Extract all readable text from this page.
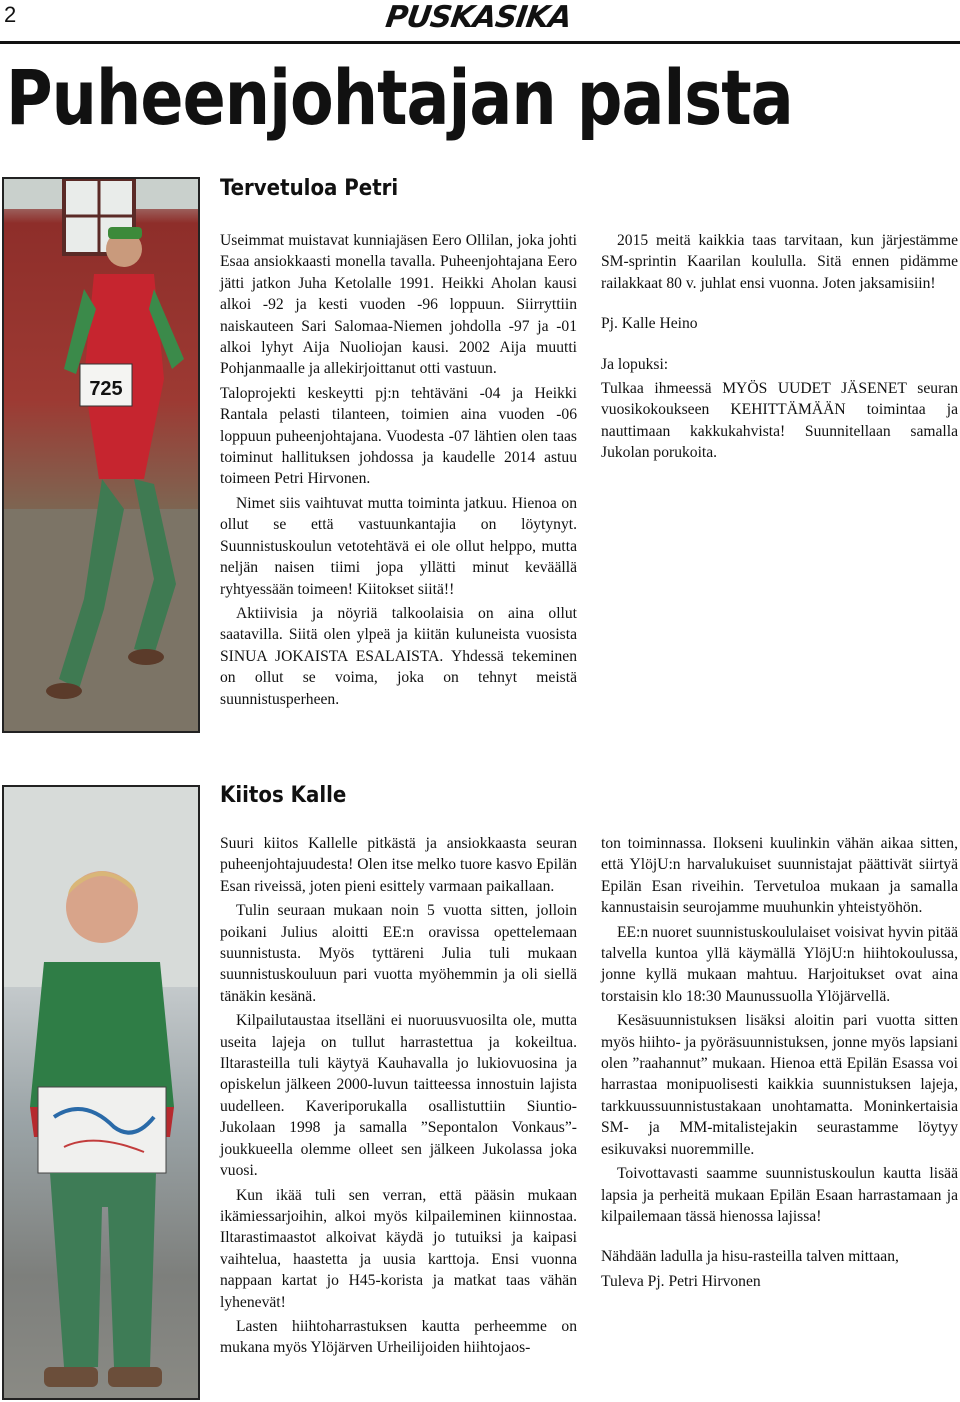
2	PUSKASIKA
Puheenjohtajan palsta
725
Tervetuloa Petri

Useimmat muistavat kunniajäsen Eero Ollilan, joka johti Esaa ansiokkaasti monella tavalla. Puheenjohtajana Eero jätti jatkon Juha Ketolalle 1991. Heikki Aholan kausi alkoi -92 ja kesti vuoden -96 loppuun. Siirryttiin naiskauteen Sari Salomaa-Niemen johdolla -97 ja -01 alkoi lyhyt Aija Nuoliojan kausi. 2002 Aija muutti Pohjanmaalle ja allekirjoittanut otti vastuun.

Taloprojekti keskeytti pj:n tehtäväni -04 ja Heikki Rantala pelasti tilanteen, toimien aina vuoden -06 loppuun puheenjohtajana. Vuodesta -07 lähtien olen taas toiminut hallituksen johdossa ja kaudelle 2014 astuu toimeen Petri Hirvonen.

Nimet siis vaihtuvat mutta toiminta jatkuu. Hienoa on ollut se että vastuunkantajia on löytynyt. Suunnistuskoulun vetotehtävä ei ole ollut helppo, mutta neljän naisen tiimi jopa yllätti minut keväällä ryhtyessään toimeen! Kiitokset siitä!!

Aktiivisia ja nöyriä talkoolaisia on aina ollut saatavilla. Siitä olen ylpeä ja kiitän kuluneista vuosista SINUA JOKAISTA ESALAISTA. Yhdessä tekeminen on ollut se voima, joka on tehnyt meistä suunnistusperheen.

2015 meitä kaikkia taas tarvitaan, kun järjestämme SM-sprintin Kaarilan koululla. Sitä ennen pidämme railakkaat 80 v. juhlat ensi vuonna. Joten jaksamisiin!

Pj. Kalle Heino

Ja lopuksi:

Tulkaa ihmeessä MYÖS UUDET JÄSENET seuran vuosikokoukseen KEHITTÄMÄÄN toimintaa ja nauttimaan kakkukahvista! Suunnitellaan samalla Jukolan porukoita.

Kiitos Kalle

Suuri kiitos Kallelle pitkästä ja ansiokkaasta seuran puheenjohtajuudesta! Olen itse melko tuore kasvo Epilän Esan riveissä, joten pieni esittely varmaan paikallaan.

Tulin seuraan mukaan noin 5 vuotta sitten, jolloin poikani Julius aloitti EE:n oravissa opettelemaan suunnistusta. Myös tyttäreni Julia tuli mukaan suunnistuskouluun pari vuotta myöhemmin ja oli siellä tänäkin kesänä.

Kilpailutaustaa itselläni ei nuoruusvuosilta ole, mutta useita lajeja on tullut harrastettua ja kokeiltua. Iltarasteilla tuli käytyä Kauhavalla jo lukiovuosina ja opiskelun jälkeen 2000-luvun taitteessa innostuin lajista uudelleen. Kaveriporukalla osallistuttiin Siuntio-Jukolaan 1998 ja samalla ”Sepontalon Vonkaus”-joukkueella olemme olleet sen jälkeen Jukolassa joka vuosi.

Kun ikää tuli sen verran, että pääsin mukaan ikämiessarjoihin, alkoi myös kilpaileminen kiinnostaa. Iltarastimaastot alkoivat käydä jo tutuiksi ja kaipasi vaihtelua, haastetta ja uusia karttoja. Ensi vuonna nappaan kartat jo H45-korista ja matkat taas vähän lyhenevät!

Lasten hiihtoharrastuksen kautta perheemme on mukana myös Ylöjärven Urheilijoiden hiihtojaos-

ton toiminnassa. Ilokseni kuulinkin vähän aikaa sitten, että YlöjU:n harvalukuiset suunnistajat päättivät siirtyä Epilän Esan riveihin. Tervetuloa mukaan ja samalla kannustaisin seurojamme muuhunkin yhteistyöhön.

EE:n nuoret suunnistuskoululaiset voisivat hyvin pitää talvella kuntoa yllä käymällä YlöjU:n hiihtokoulussa, jonne kyllä mukaan mahtuu. Harjoitukset ovat aina torstaisin klo 18:30 Maunussuolla Ylöjärvellä.

Kesäsuunnistuksen lisäksi aloitin pari vuotta sitten myös hiihto- ja pyöräsuunnistuksen, jonne myös lapsiani olen ”raahannut” mukaan. Hienoa että Epilän Esassa voi harrastaa monipuolisesti kaikkia suunnistuksen lajeja, tarkkuussuunnistustakaan unohtamatta. Moninkertaisia SM- ja MM-mitalistejakin seurastamme löytyy esikuvaksi nuoremmille.

Toivottavasti saamme suunnistuskoulun kautta lisää lapsia ja perheitä mukaan Epilän Esaan harrastamaan ja kilpailemaan tässä hienossa lajissa!

Nähdään ladulla ja hisu-rasteilla talven mittaan,

Tuleva Pj. Petri Hirvonen
